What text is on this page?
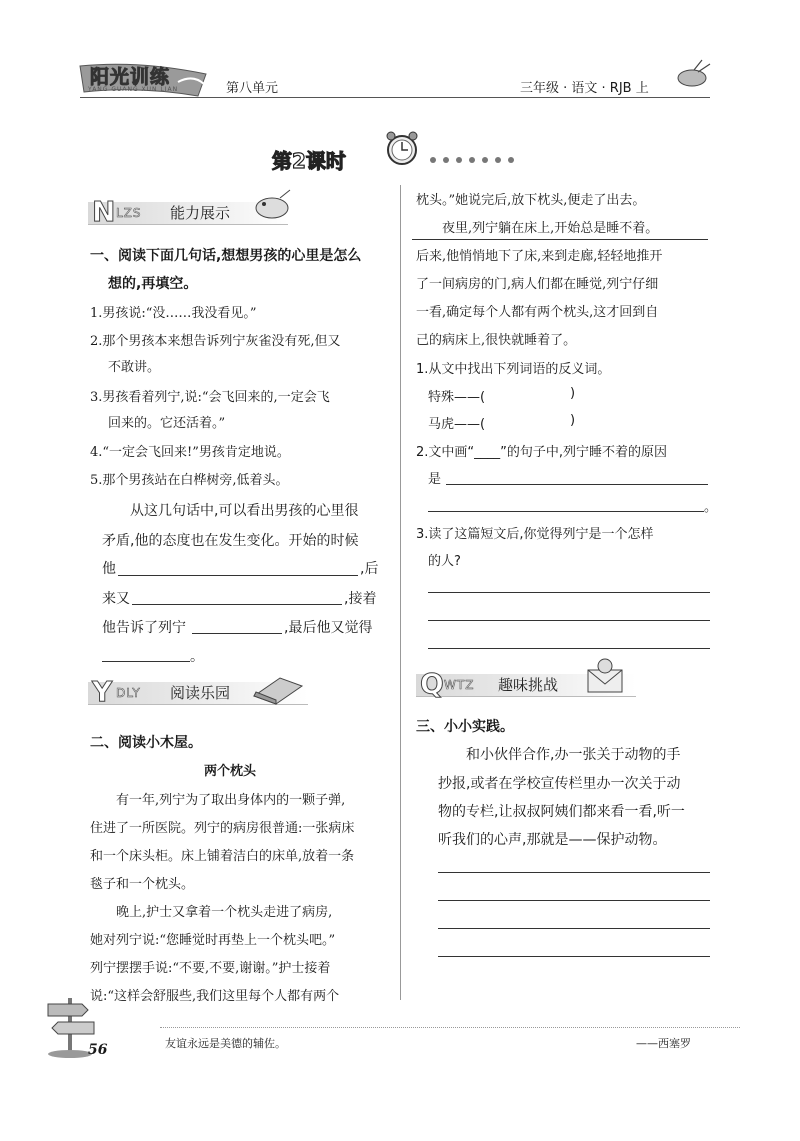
阳光训练
YANG GUANG XUN LIAN	第八单元	三年级 · 语文 · RJB 上
第2课时
N LZS 能力展示
一、阅读下面几句话,想想男孩的心里是怎么
想的,再填空。
1.男孩说:“没……我没看见。”
2.那个男孩本来想告诉列宁灰雀没有死,但又
不敢讲。
3.男孩看着列宁,说:“会飞回来的,一定会飞
回来的。它还活着。”
4.“一定会飞回来!”男孩肯定地说。
5.那个男孩站在白桦树旁,低着头。
从这几句话中,可以看出男孩的心里很
矛盾,他的态度也在发生变化。开始的时候
他	,后
来又	,接着
他告诉了列宁	,最后他又觉得
。
Y DLY 阅读乐园
二、阅读小木屋。
两个枕头
有一年,列宁为了取出身体内的一颗子弹,
住进了一所医院。列宁的病房很普通:一张病床
和一个床头柜。床上铺着洁白的床单,放着一条
毯子和一个枕头。
晚上,护士又拿着一个枕头走进了病房,
她对列宁说:“您睡觉时再垫上一个枕头吧。”
列宁摆摆手说:“不要,不要,谢谢。”护士接着
说:“这样会舒服些,我们这里每个人都有两个
枕头。”她说完后,放下枕头,便走了出去。
夜里,列宁躺在床上,开始总是睡不着。
后来,他悄悄地下了床,来到走廊,轻轻地推开
了一间病房的门,病人们都在睡觉,列宁仔细
一看,确定每个人都有两个枕头,这才回到自
己的病床上,很快就睡着了。
1.从文中找出下列词语的反义词。
特殊——(	)
马虎——(	)
2.文中画“____”的句子中,列宁睡不着的原因
是
。
3.读了这篇短文后,你觉得列宁是一个怎样
的人?
Q WTZ 趣味挑战
三、小小实践。
和小伙伴合作,办一张关于动物的手
抄报,或者在学校宣传栏里办一次关于动
物的专栏,让叔叔阿姨们都来看一看,听一
听我们的心声,那就是——保护动物。
56	友谊永远是美德的辅佐。	——西塞罗
